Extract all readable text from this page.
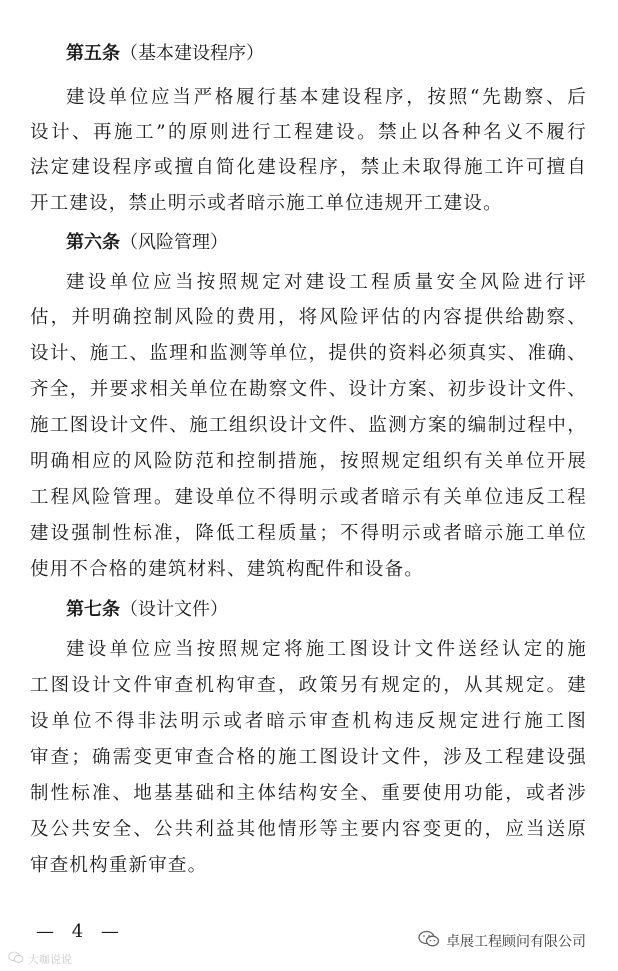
第五条（基本建设程序）
建设单位应当严格履行基本建设程序，按照“先勘察、后
设计、再施工”的原则进行工程建设。禁止以各种名义不履行
法定建设程序或擅自简化建设程序，禁止未取得施工许可擅自
开工建设，禁止明示或者暗示施工单位违规开工建设。
第六条（风险管理）
建设单位应当按照规定对建设工程质量安全风险进行评
估，并明确控制风险的费用，将风险评估的内容提供给勘察、
设计、施工、监理和监测等单位，提供的资料必须真实、准确、
齐全，并要求相关单位在勘察文件、设计方案、初步设计文件、
施工图设计文件、施工组织设计文件、监测方案的编制过程中，
明确相应的风险防范和控制措施，按照规定组织有关单位开展
工程风险管理。建设单位不得明示或者暗示有关单位违反工程
建设强制性标准，降低工程质量；不得明示或者暗示施工单位
使用不合格的建筑材料、建筑构配件和设备。
第七条（设计文件）
建设单位应当按照规定将施工图设计文件送经认定的施
工图设计文件审查机构审查，政策另有规定的，从其规定。建
设单位不得非法明示或者暗示审查机构违反规定进行施工图
审查；确需变更审查合格的施工图设计文件，涉及工程建设强
制性标准、地基基础和主体结构安全、重要使用功能，或者涉
及公共安全、公共利益其他情形等主要内容变更的，应当送原
审查机构重新审查。
— 4 —	卓展工程顾问有限公司
大咖说说
